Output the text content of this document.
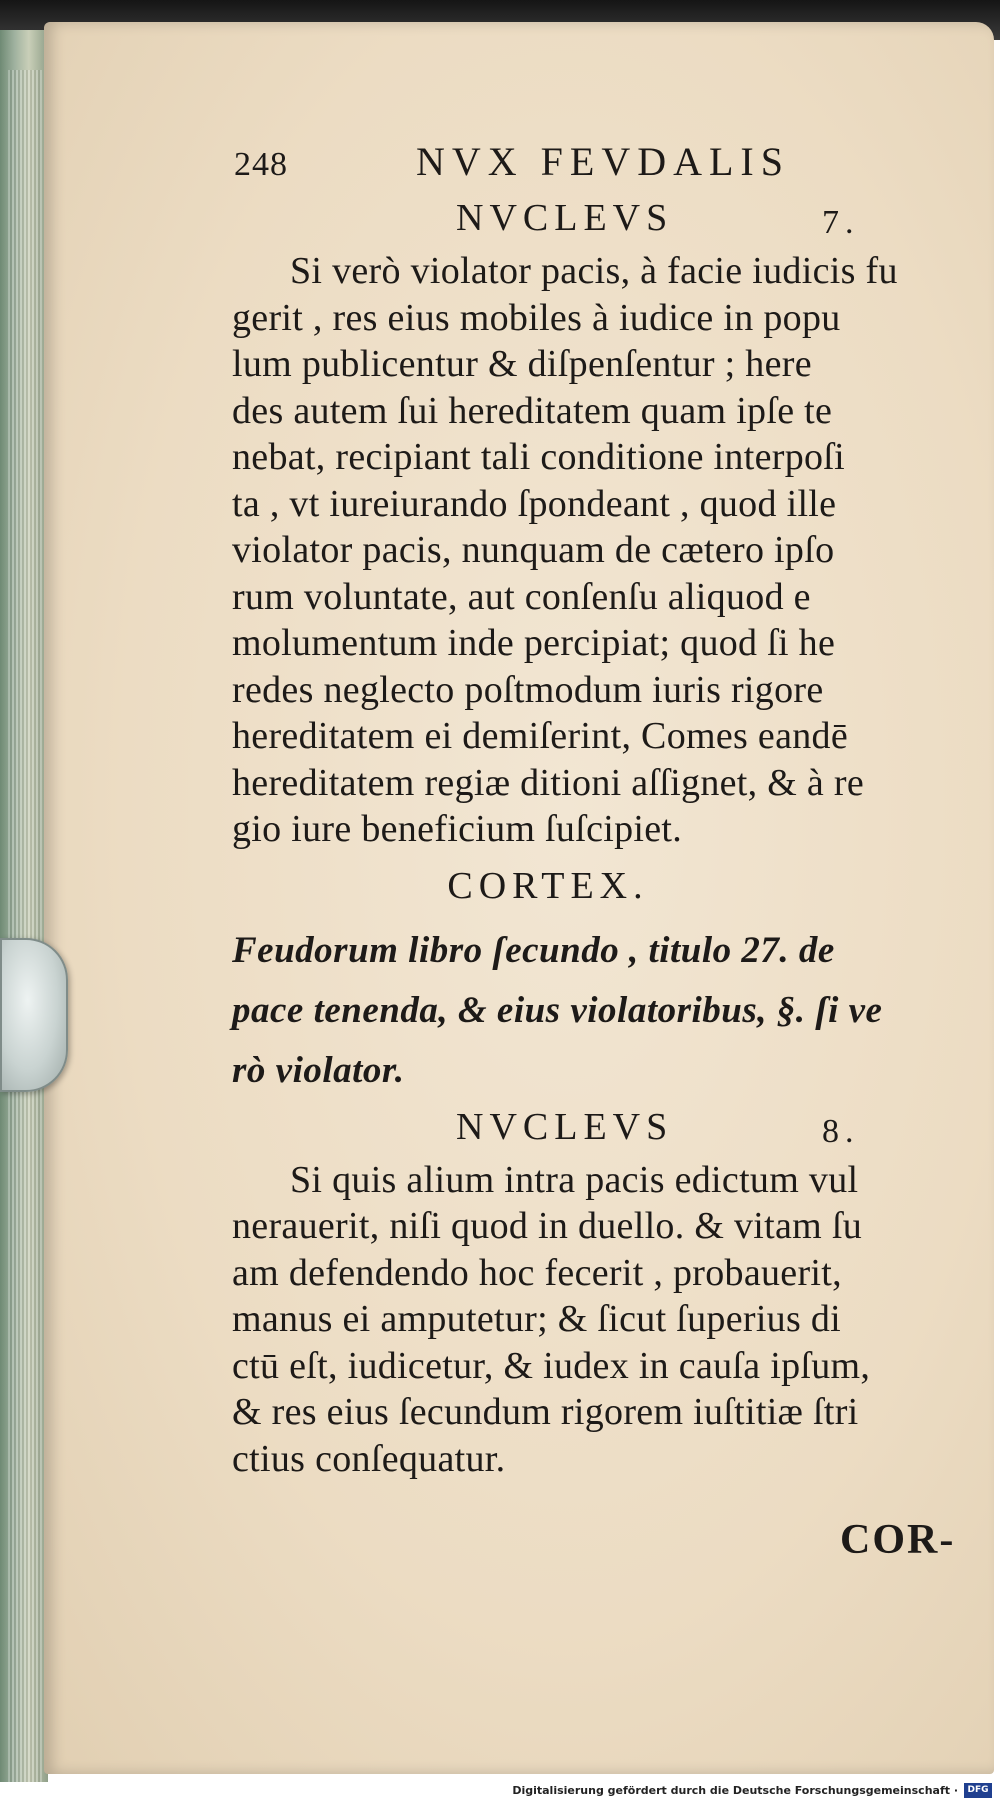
248	NVX FEVDALIS
NVCLEVS	7.

Si verò violator pacis, à facie iudicis fu
gerit , res eius mobiles à iudice in popu
lum publicentur & diſpenſentur ; here
des autem ſui hereditatem quam ipſe te
nebat, recipiant tali conditione interpoſi
ta , vt iureiurando ſpondeant , quod ille
violator pacis, nunquam de cætero ipſo
rum voluntate, aut conſenſu aliquod e
molumentum inde percipiat; quod ſi he
redes neglecto poſtmodum iuris rigore
hereditatem ei demiſerint, Comes eandē
hereditatem regiæ ditioni aſſignet, & à re
gio iure beneficium ſuſcipiet.

CORTEX.

Feudorum libro ſecundo , titulo 27. de
pace tenenda, & eius violatoribus, §. ſi ve
rò violator.

NVCLEVS	8.

Si quis alium intra pacis edictum vul
nerauerit, niſi quod in duello. & vitam ſu
am defendendo hoc fecerit , probauerit,
manus ei amputetur; & ſicut ſuperius di
ctū eſt, iudicetur, & iudex in cauſa ipſum,
& res eius ſecundum rigorem iuſtitiæ ſtri
ctius conſequatur.

COR-
Digitalisierung gefördert durch die Deutsche Forschungsgemeinschaft ·	DFG
